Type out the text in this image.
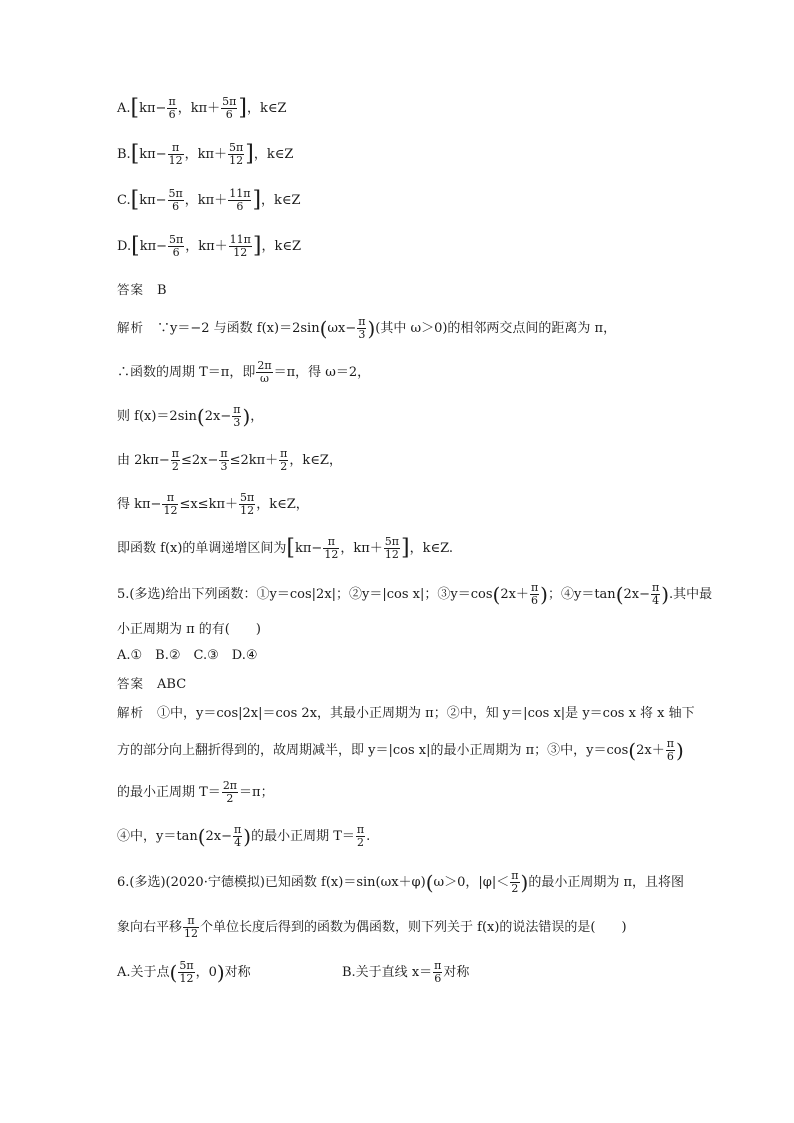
$A.[k\pi- \frac{\pi}{6}$ ，$k\pi+ \frac{5\pi}{6}$ ]，k∈Z
$B.[k\pi- \frac{\pi}{12}$ ，$k\pi+ \frac{5\pi}{12}$ ]，k∈Z
$C.[k\pi- \frac{5\pi}{6}$ ，$k\pi+ \frac{11\pi}{6}$ ]，k∈Z
$D.[k\pi- \frac{5\pi}{6}$ ，$k\pi+ \frac{11\pi}{12}$ ]，k∈Z
答案　 B
解析　 ∵y＝−2 与函数 $f(x)=2\sin(\omega x- \frac{\pi}{3}$ )(其中 ω＞0)的相邻两交点间的距离为 π，
∴函数的周期 T＝π，即 $\frac{2\pi}{\omega} =\pi$，得 ω＝2，
则 $f(x)=2\sin(2x- \frac{\pi}{3}$ )，
由 $2k\pi- \frac{\pi}{2} \le 2x- \frac{\pi}{3} \le 2k\pi+ \frac{\pi}{2}$ ，k∈Z，
得 $k\pi- \frac{\pi}{12} \le x\le k\pi+ \frac{5\pi}{12}$ ，k∈Z，
即函数 f(x)的单调递增区间为[$k\pi- \frac{\pi}{12}$ ，$k\pi+ \frac{5\pi}{12}$ ]，k∈Z.
5.(多选)给出下列函数：①y＝cos|2x|；②y＝|cos x|；③y＝cos(2x＋ $\frac{\pi}{6}$ )；④y＝tan(2x− $\frac{\pi}{4}$ ).其中最
小正周期为 π 的有(　　)
A.①　B.②　C.③　D.④
答案　 ABC
解析　 ①中，y＝cos|2x|＝cos 2x，其最小正周期为 π；②中，知 y＝|cos x|是 y＝cos x 将 x 轴下
方的部分向上翻折得到的，故周期减半，即 y＝|cos x|的最小正周期为 π；③中，$y=\cos(2x+ \frac{\pi}{6}$ )
的最小正周期 $T= \frac{2\pi}{2} =\pi$；
④中，$y=\tan(2x- \frac{\pi}{4}$ )的最小正周期 $T= \frac{\pi}{2}$ .
6.(多选)(2020·宁德模拟)已知函数 f(x)＝sin(ωx＋φ)(ω＞0，$|\varphi|< \frac{\pi}{2}$ )的最小正周期为 π，且将图
象向右平移 $\frac{\pi}{12}$ 个单位长度后得到的函数为偶函数，则下列关于 f(x)的说法错误的是(　　)
A.关于点( $\frac{5\pi}{12}$ ，0)对称	B.关于直线 $x= \frac{\pi}{6}$ 对称
